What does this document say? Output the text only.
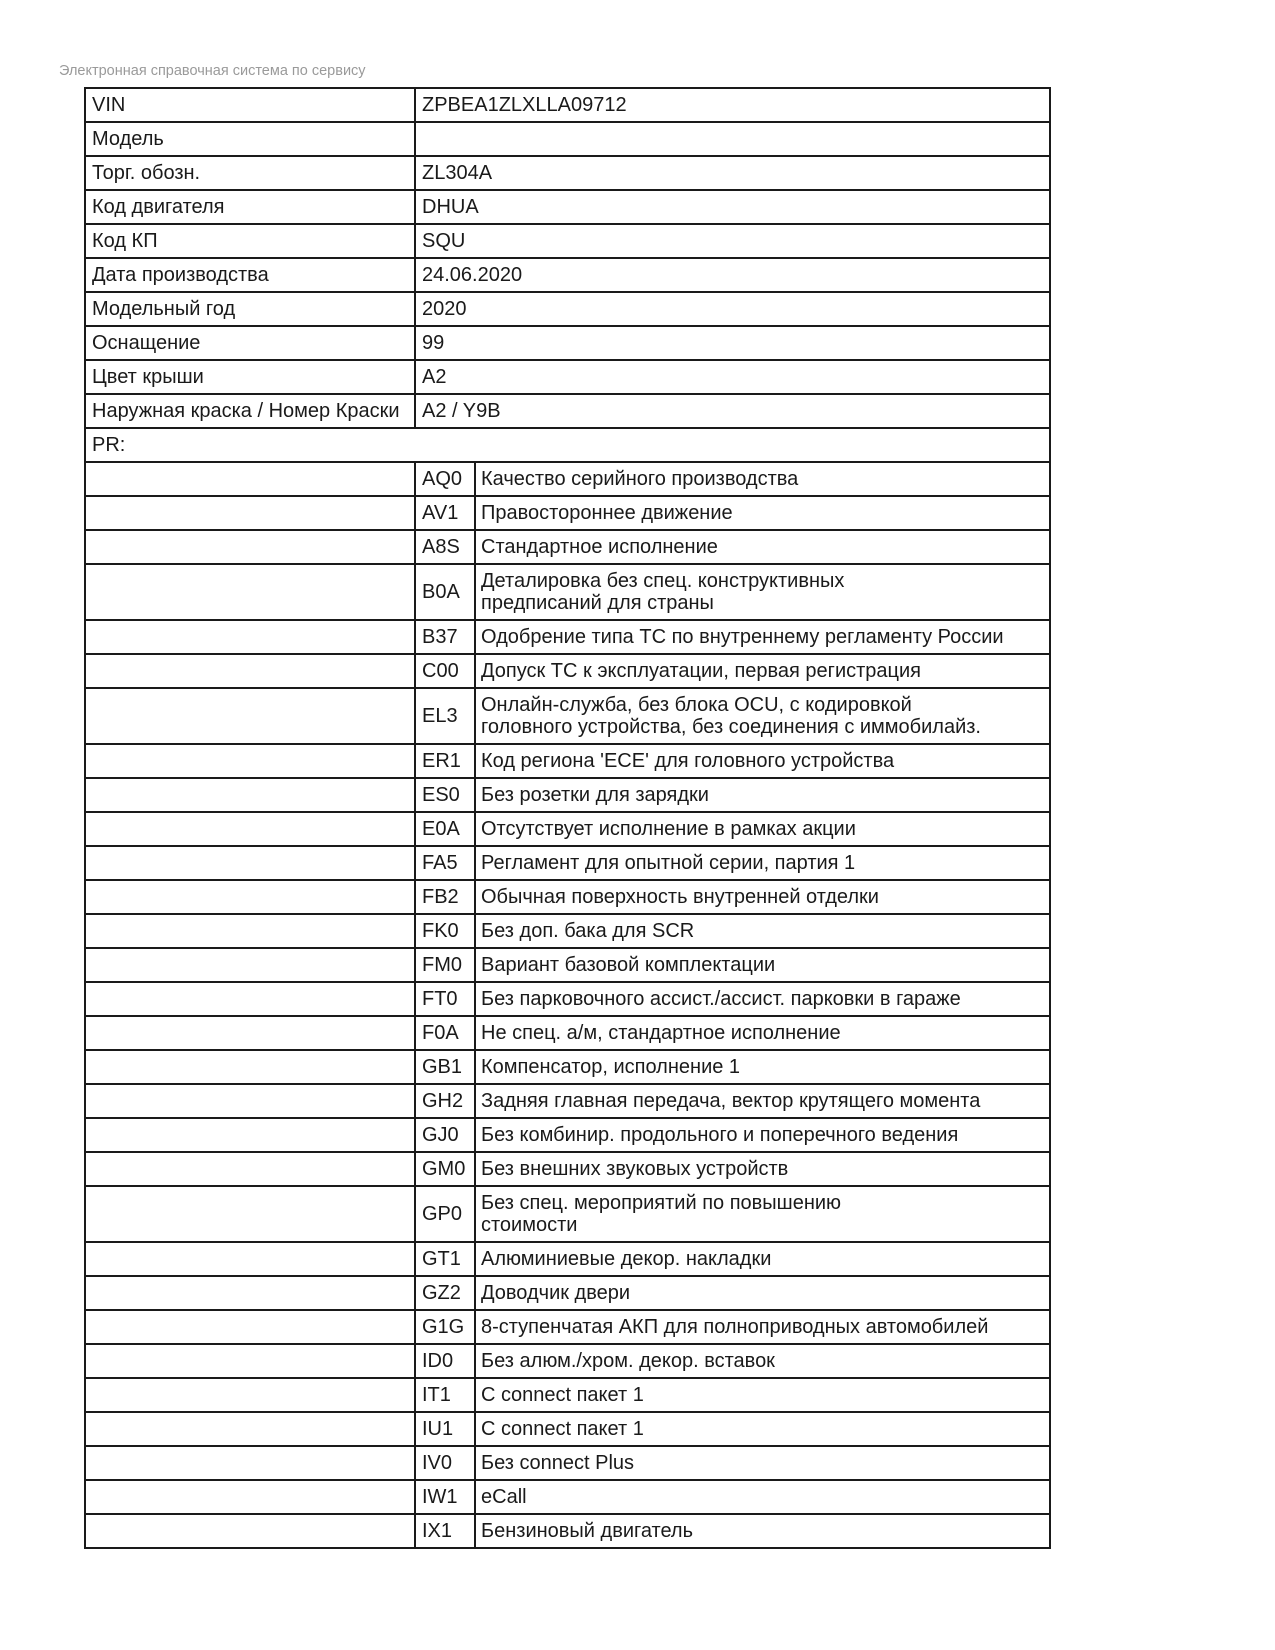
Электронная справочная система по сервису
VIN	ZPBEA1ZLXLLA09712	
Модель		
Торг. обозн.	ZL304A	
Код двигателя	DHUA	
Код КП	SQU	
Дата производства	24.06.2020	
Модельный год	2020	
Оснащение	99	
Цвет крыши	A2	
Наружная краска / Номер Краски	A2 / Y9B	
PR:		
	AQ0	Качество серийного производства

	AV1	Правостороннее движение

	A8S	Стандартное исполнение

	B0A	Деталировка без спец. конструктивных
предписаний для страны

	B37	Одобрение типа ТС по внутреннему регламенту России

	C00	Допуск ТС к эксплуатации, первая регистрация

	EL3	Онлайн-служба, без блока OCU, с кодировкой
головного устройства, без соединения с иммобилайз.

	ER1	Код региона 'ECE' для головного устройства

	ES0	Без розетки для зарядки

	E0A	Отсутствует исполнение в рамках акции

	FA5	Регламент для опытной серии, партия 1

	FB2	Обычная поверхность внутренней отделки

	FK0	Без доп. бака для SCR

	FM0	Вариант базовой комплектации

	FT0	Без парковочного ассист./ассист. парковки в гараже

	F0A	Не спец. а/м, стандартное исполнение

	GB1	Компенсатор, исполнение 1

	GH2	Задняя главная передача, вектор крутящего момента

	GJ0	Без комбинир. продольного и поперечного ведения

	GM0	Без внешних звуковых устройств

	GP0	Без спец. мероприятий по повышению
стоимости

	GT1	Алюминиевые декор. накладки

	GZ2	Доводчик двери

	G1G	8-ступенчатая АКП для полноприводных автомобилей

	ID0	Без алюм./хром. декор. вставок

	IT1	С connect пакет 1

	IU1	С connect пакет 1

	IV0	Без connect Plus

	IW1	eCall

	IX1	Бензиновый двигатель
